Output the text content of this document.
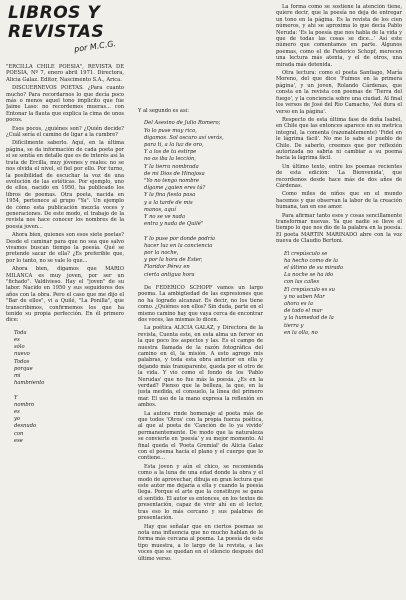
LIBROS Y
REVISTAS
por M.C.G.

"ERCILLA CHILE POESIA", REVISTA DE POESIA, Nº 7, enero abril 1971. Directora, Alicia Galaz. Editor, Nascimento S.A., Arica.

DISCUERNEVOS POETAS. ¿Para cuanto mucho? Para recordarnos lo que decía poco más o menos aquel tono implícito que fue Jaime Laso: no recordemos mueras... con Entonar la flauta que explica la cima de unos pocos.

Esos pocos, ¿quiénes son? ¿Quién decide? ¿Cuál sería el camino de ligar a la cumbre?

Difícilmente saberlo. Aquí, en la última página, se da información de cada poeta por si se sentía en detalle que es de interés así la trata de Ercilla, muy jóvenes y reales: no se nos olvida el nivel, el fiel por ello. Por turno, la posibilidad de escuchar la voz de una evolución de las estéticas. Por ejemplo, uno de ellos, nacido en 1950, ha publicado los libros de poemas. Otra poeta, nacida en 1954, pertenece al grupo "Ya". Un ejemplo de cómo esta publicación mezcla voces y generaciones. De este modo, el trabajo de la revista nos hace conocer los nombres de la poesía joven...

Ahora bien, quienes son esos siete poetas? Desde el caminar para que no sea que salvo vivamos buscan tiempo la poesía. Qué se pretende sacar de ella? ¿Es preferible que, por lo tanto, no se vale lo que...

Ahora bien, digamos que MARIO MILANCA es muy joven, por ser un "fichado". Valdivieso. Hay el "joven" de su labor. Nacido en 1950 y sus seguidores dos años con la obra. Pero el caso que me dijo el "Bar de ellos", vi a Quilé, "La Ponilla", que transcribimos, confirmemos los que ha tenido su propia perfección. En él primero dice:

Toda
es
sólo
nuevo
Todos
porque
mi
hambriento

Y
nombro
es
yo
desnudo
con
ese

Y al segundo es así:

Del Asesino de Julio Romero;
Yo lo puse muy rico,
digamos. Sol oscuro así verás,
para ti, a la luz de oro,
Y a los de tu estirpe
no os iba la lección,
Y la tierra nombrada
de mi Dios de Hinojosa
"Yo no tengo nombre
dígame ¿quien eres tú?
Y la fina fiesta pasa
y a la tarde de mis
manos, aquí
Y no se ve nada
entra y nada de Quilé"

Y lo puse por donde podría
hacer luz en la conciencia
por la noche,
y por la hora de Ester,
Floridor Pérez en
cierta antigua hora

De FEDERICO SCHOPF vamos un largo poema. La ambigüedad de las expresiones que no ha logrado alcanzar. Es decir, no los tiene como. ¿Quiénes son ellos? Sin duda, parte en el mismo camino hay que vaya cerca de encontrar dos voces, las mismas lo dicen.

La poética ALICIA GALAZ, y Directora de la revista, Cuenta este, en esta alma un fervor en la que poco los aspectos y las. Es el campo de nuestra llamada de la razón fotográfica del camino en él, la misión. A esto agrego mis palabras, y toda esta obra anterior en ella y dejando más transparente, queda por el otro de la vida. Y vio como el fondo de los 'Pablo Nerudas' que no fue más la poesía. ¿Es en la verdad? Pienso que la belleza, la que, en la justa medida, el consuelo, la línea del primero mar. El uso de la mano expresa la reflexión en ambos.

La autora rinde homenaje al poeta más de que todos 'Otros' con la propia fuerza poética, al que al poeta de 'Canción de lo ya vivido' permanentemente. De modo que la naturaleza se convierte en 'poesía' y su mejor momento. Al final queda el 'Poeta Gremial' de Alicia Galaz con el poema hacia el plano y el cuerpo que lo contiene...

Esta joven y aún el chico, se recomienda como a la luna de una edad donde la obra y el modo de aprovechar, dibuja en gran lectura que este autor me dejaría a ella y cuando la poesía llega. Porque el arte que la constituye se gana el sentido. El autor es entonces, en los textos de presentación, capaz de vivir ahí en el lector, tras eso lo más cercano y sus palabras de presentación.

Hay que señalar que en ciertos poemas se nota una influencia que no mucho hablan de la forma más cercana al poema. La poesía de este tipo muestra, a lo largo de la revista, a las voces que se quedan en el silencio después del último verso.

La forma como se sostiene la atención tiene, quiere decir, que la poesía no deja de entregar un tono en la página. Es la revista de los cien números, y ahí se aproxima lo que decía Pablo Neruda: 'Es la poesía que nos habla de la vida y que de todas las cosas se dice...' Así este número que comentamos en parte. Algunos poemas, como el de Federico Schopf, merecen una lectura más atenta, y el de otros, una mirada más detenida.

Otra lectura: como el poeta Santiago, María Moreno, del que dice 'Fuimos en la primera página', y un joven, Rolando Cárdenas, que consta en la revista con poemas de 'Tierra del fuego', y la conciencia sobre una ciudad. Al final los versos de José del Río Camacho, 'Así dura el verso en la página'.

Respecto de esta última fase de doña Isabel, en Chile que las entonces aparece en su metrica integral, la comenta (razonablemente) 'Fidel en le lágrima fácil'. No me lo sabe el pueblo de Chile. De saberlo, creemos que por reflexión autorizada no sabría ni cambiar a su poema hacia la lágrima fácil.

Un último texto, entre los poemas recientes de esta edición: 'La Bienvenida', que recordemos desde hace más de dos años de Cárdenas.

Como miles de niños que en el mundo hacemos y que observan la labor de la creación humana, tan en ese amor.

Para afirmar tanto esos y cosas sencillamente transformar nuevas. Ya que nadie se lleve el tiempo lo que nos dio de la palabra en la poesía. El poeta MARTIN MARINADO abre con la voz nueva de Claudio Bertoni.

El crepúsculo se
ha hecho como de la
el último de su mirada
La noche se ha ido
con las calles
El crepúsculo es su
y no saben Mar
ahora es la
de todo el mar
y la humedad de la
tierra y
en la olla, no
